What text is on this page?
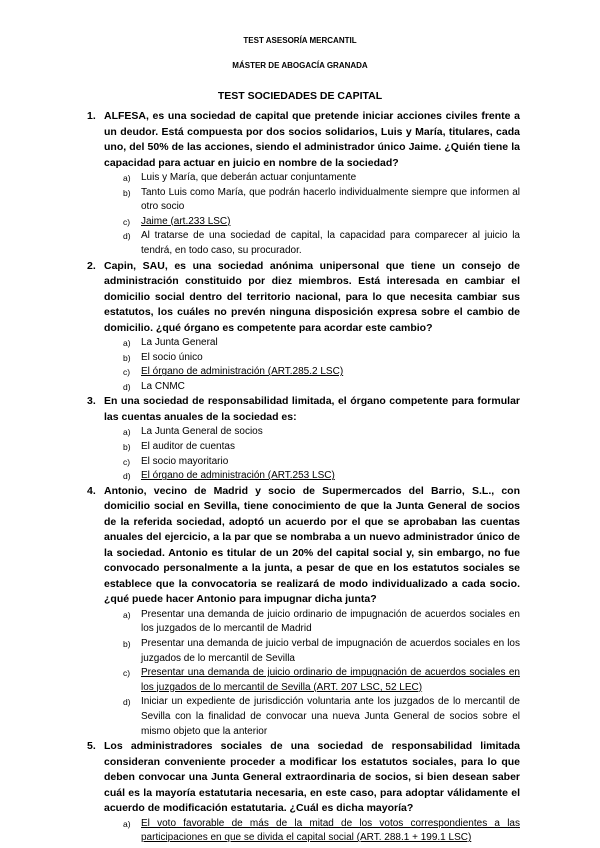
TEST ASESORÍA MERCANTIL
MÁSTER DE ABOGACÍA GRANADA
TEST SOCIEDADES DE CAPITAL
1. ALFESA, es una sociedad de capital que pretende iniciar acciones civiles frente a un deudor. Está compuesta por dos socios solidarios, Luis y María, titulares, cada uno, del 50% de las acciones, siendo el administrador único Jaime. ¿Quién tiene la capacidad para actuar en juicio en nombre de la sociedad?
a) Luis y María, que deberán actuar conjuntamente
b) Tanto Luis como María, que podrán hacerlo individualmente siempre que informen al otro socio
c) Jaime (art.233 LSC)
d) Al tratarse de una sociedad de capital, la capacidad para comparecer al juicio la tendrá, en todo caso, su procurador.
2. Capin, SAU, es una sociedad anónima unipersonal que tiene un consejo de administración constituido por diez miembros. Está interesada en cambiar el domicilio social dentro del territorio nacional, para lo que necesita cambiar sus estatutos, los cuáles no prevén ninguna disposición expresa sobre el cambio de domicilio. ¿qué órgano es competente para acordar este cambio?
a) La Junta General
b) El socio único
c) El órgano de administración (ART.285.2 LSC)
d) La CNMC
3. En una sociedad de responsabilidad limitada, el órgano competente para formular las cuentas anuales de la sociedad es:
a) La Junta General de socios
b) El auditor de cuentas
c) El socio mayoritario
d) El órgano de administración (ART.253 LSC)
4. Antonio, vecino de Madrid y socio de Supermercados del Barrio, S.L., con domicilio social en Sevilla, tiene conocimiento de que la Junta General de socios de la referida sociedad, adoptó un acuerdo por el que se aprobaban las cuentas anuales del ejercicio, a la par que se nombraba a un nuevo administrador único de la sociedad. Antonio es titular de un 20% del capital social y, sin embargo, no fue convocado personalmente a la junta, a pesar de que en los estatutos sociales se establece que la convocatoria se realizará de modo individualizado a cada socio. ¿qué puede hacer Antonio para impugnar dicha junta?
a) Presentar una demanda de juicio ordinario de impugnación de acuerdos sociales en los juzgados de lo mercantil de Madrid
b) Presentar una demanda de juicio verbal de impugnación de acuerdos sociales en los juzgados de lo mercantil de Sevilla
c) Presentar una demanda de juicio ordinario de impugnación de acuerdos sociales en los juzgados de lo mercantil de Sevilla (ART. 207 LSC, 52 LEC)
d) Iniciar un expediente de jurisdicción voluntaria ante los juzgados de lo mercantil de Sevilla con la finalidad de convocar una nueva Junta General de socios sobre el mismo objeto que la anterior
5. Los administradores sociales de una sociedad de responsabilidad limitada consideran conveniente proceder a modificar los estatutos sociales, para lo que deben convocar una Junta General extraordinaria de socios, si bien desean saber cuál es la mayoría estatutaria necesaria, en este caso, para adoptar válidamente el acuerdo de modificación estatutaria. ¿Cuál es dicha mayoría?
a) El voto favorable de más de la mitad de los votos correspondientes a las participaciones en que se divida el capital social (ART. 288.1 + 199.1 LSC)
